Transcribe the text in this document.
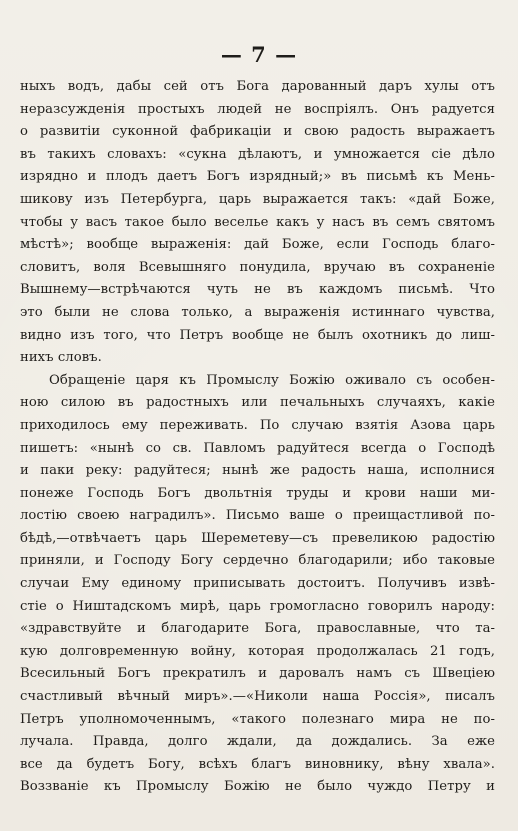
— 7 —
ныхъ водъ, дабы сей отъ Бога дарованный даръ хулы отъ
неразсужденія простыхъ людей не воспріялъ. Онъ радуется
о развитіи суконной фабрикаціи и свою радость выражаетъ
въ такихъ словахъ: «сукна дѣлаютъ, и умножается сіе дѣло
изрядно и плодъ даетъ Богъ изрядный;» въ письмѣ къ Мень-
шикову изъ Петербурга, царь выражается такъ: «дай Боже,
чтобы у васъ такое было веселье какъ у насъ въ семъ святомъ
мѣстѣ»; вообще выраженія: дай Боже, если Господь благо-
словитъ, воля Всевышняго понудила, вручаю въ сохраненіе
Вышнему—встрѣчаются чуть не въ каждомъ письмѣ. Что
это были не слова только, а выраженія истиннаго чувства,
видно изъ того, что Петръ вообще не былъ охотникъ до лиш-
нихъ словъ.
Обращеніе царя къ Промыслу Божію оживало съ особен-
ною силою въ радостныхъ или печальныхъ случаяхъ, какіе
приходилось ему переживать. По случаю взятія Азова царь
пишетъ: «нынѣ со св. Павломъ радуйтеся всегда о Господѣ
и паки реку: радуйтеся; нынѣ же радость наша, исполнися
понеже Господь Богъ двольтнія труды и крови наши ми-
лостію своею наградилъ». Письмо ваше о преищастливой по-
бѣдѣ,—отвѣчаетъ царь Шереметеву—съ превеликою радостію
приняли, и Господу Богу сердечно благодарили; ибо таковые
случаи Ему единому приписывать достоитъ. Получивъ извѣ-
стіе о Ништадскомъ мирѣ, царь громогласно говорилъ народу:
«здравствуйте и благодарите Бога, православные, что та-
кую долговременную войну, которая продолжалась 21 годъ,
Всесильный Богъ прекратилъ и даровалъ намъ съ Швеціею
счастливый вѣчный миръ».—«Николи наша Россія», писалъ
Петръ уполномоченнымъ, «такого полезнаго мира не по-
лучала. Правда, долго ждали, да дождались. За еже
все да будетъ Богу, всѣхъ благъ виновнику, вѣну хвала».
Воззваніе къ Промыслу Божію не было чуждо Петру и
